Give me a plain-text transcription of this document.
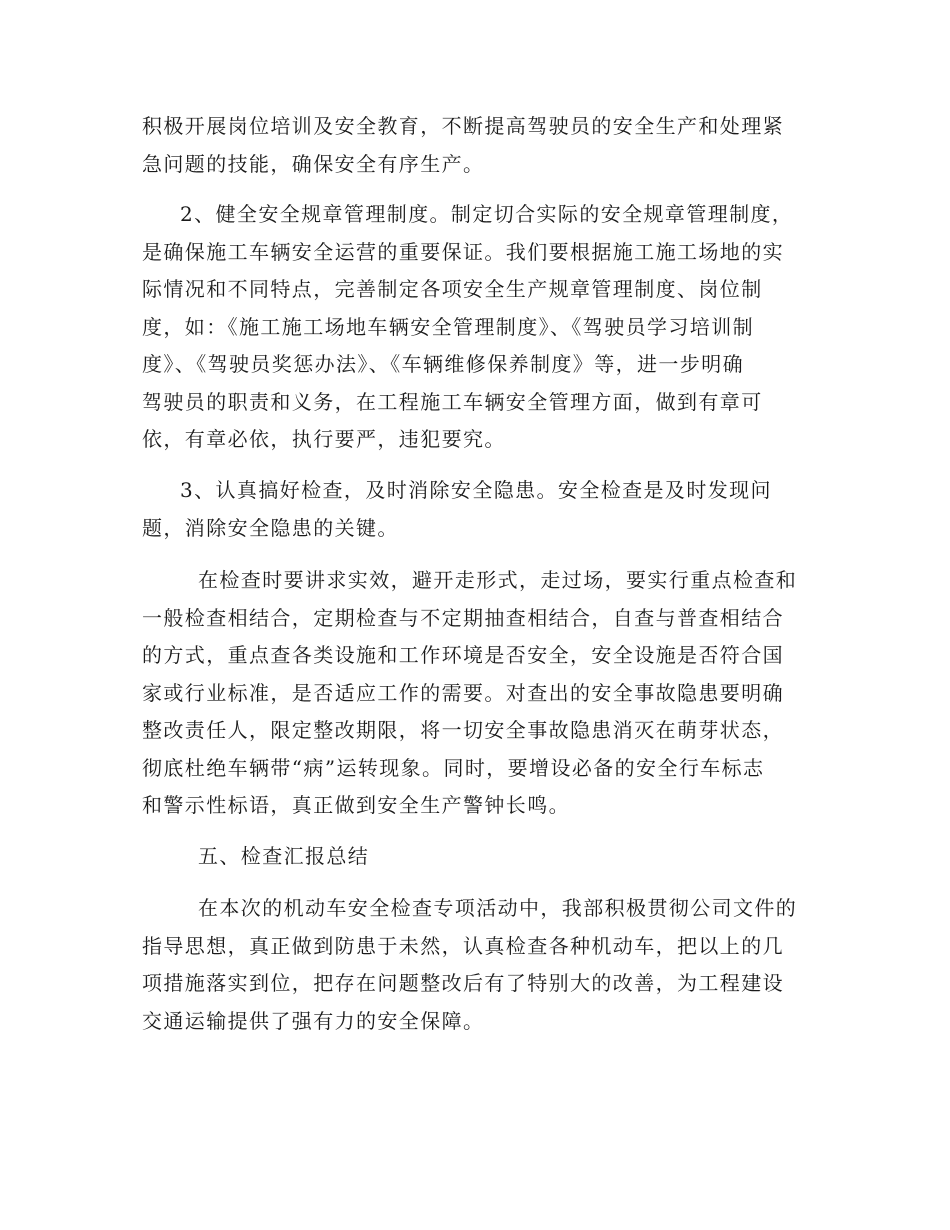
积极开展岗位培训及安全教育，不断提高驾驶员的安全生产和处理紧
急问题的技能，确保安全有序生产。

2、健全安全规章管理制度。制定切合实际的安全规章管理制度，
是确保施工车辆安全运营的重要保证。我们要根据施工施工场地的实
际情况和不同特点，完善制定各项安全生产规章管理制度、岗位制
度，如：《施工施工场地车辆安全管理制度》、《驾驶员学习培训制
度》、《驾驶员奖惩办法》、《车辆维修保养制度》等，进一步明确
驾驶员的职责和义务，在工程施工车辆安全管理方面，做到有章可
依，有章必依，执行要严，违犯要究。

3、认真搞好检查，及时消除安全隐患。安全检查是及时发现问
题，消除安全隐患的关键。

在检查时要讲求实效，避开走形式，走过场，要实行重点检查和
一般检查相结合，定期检查与不定期抽查相结合，自查与普查相结合
的方式，重点查各类设施和工作环境是否安全，安全设施是否符合国
家或行业标准，是否适应工作的需要。对查出的安全事故隐患要明确
整改责任人，限定整改期限，将一切安全事故隐患消灭在萌芽状态，
彻底杜绝车辆带“病”运转现象。同时，要增设必备的安全行车标志
和警示性标语，真正做到安全生产警钟长鸣。

五、检查汇报总结

在本次的机动车安全检查专项活动中，我部积极贯彻公司文件的
指导思想，真正做到防患于未然，认真检查各种机动车，把以上的几
项措施落实到位，把存在问题整改后有了特别大的改善，为工程建设
交通运输提供了强有力的安全保障。
